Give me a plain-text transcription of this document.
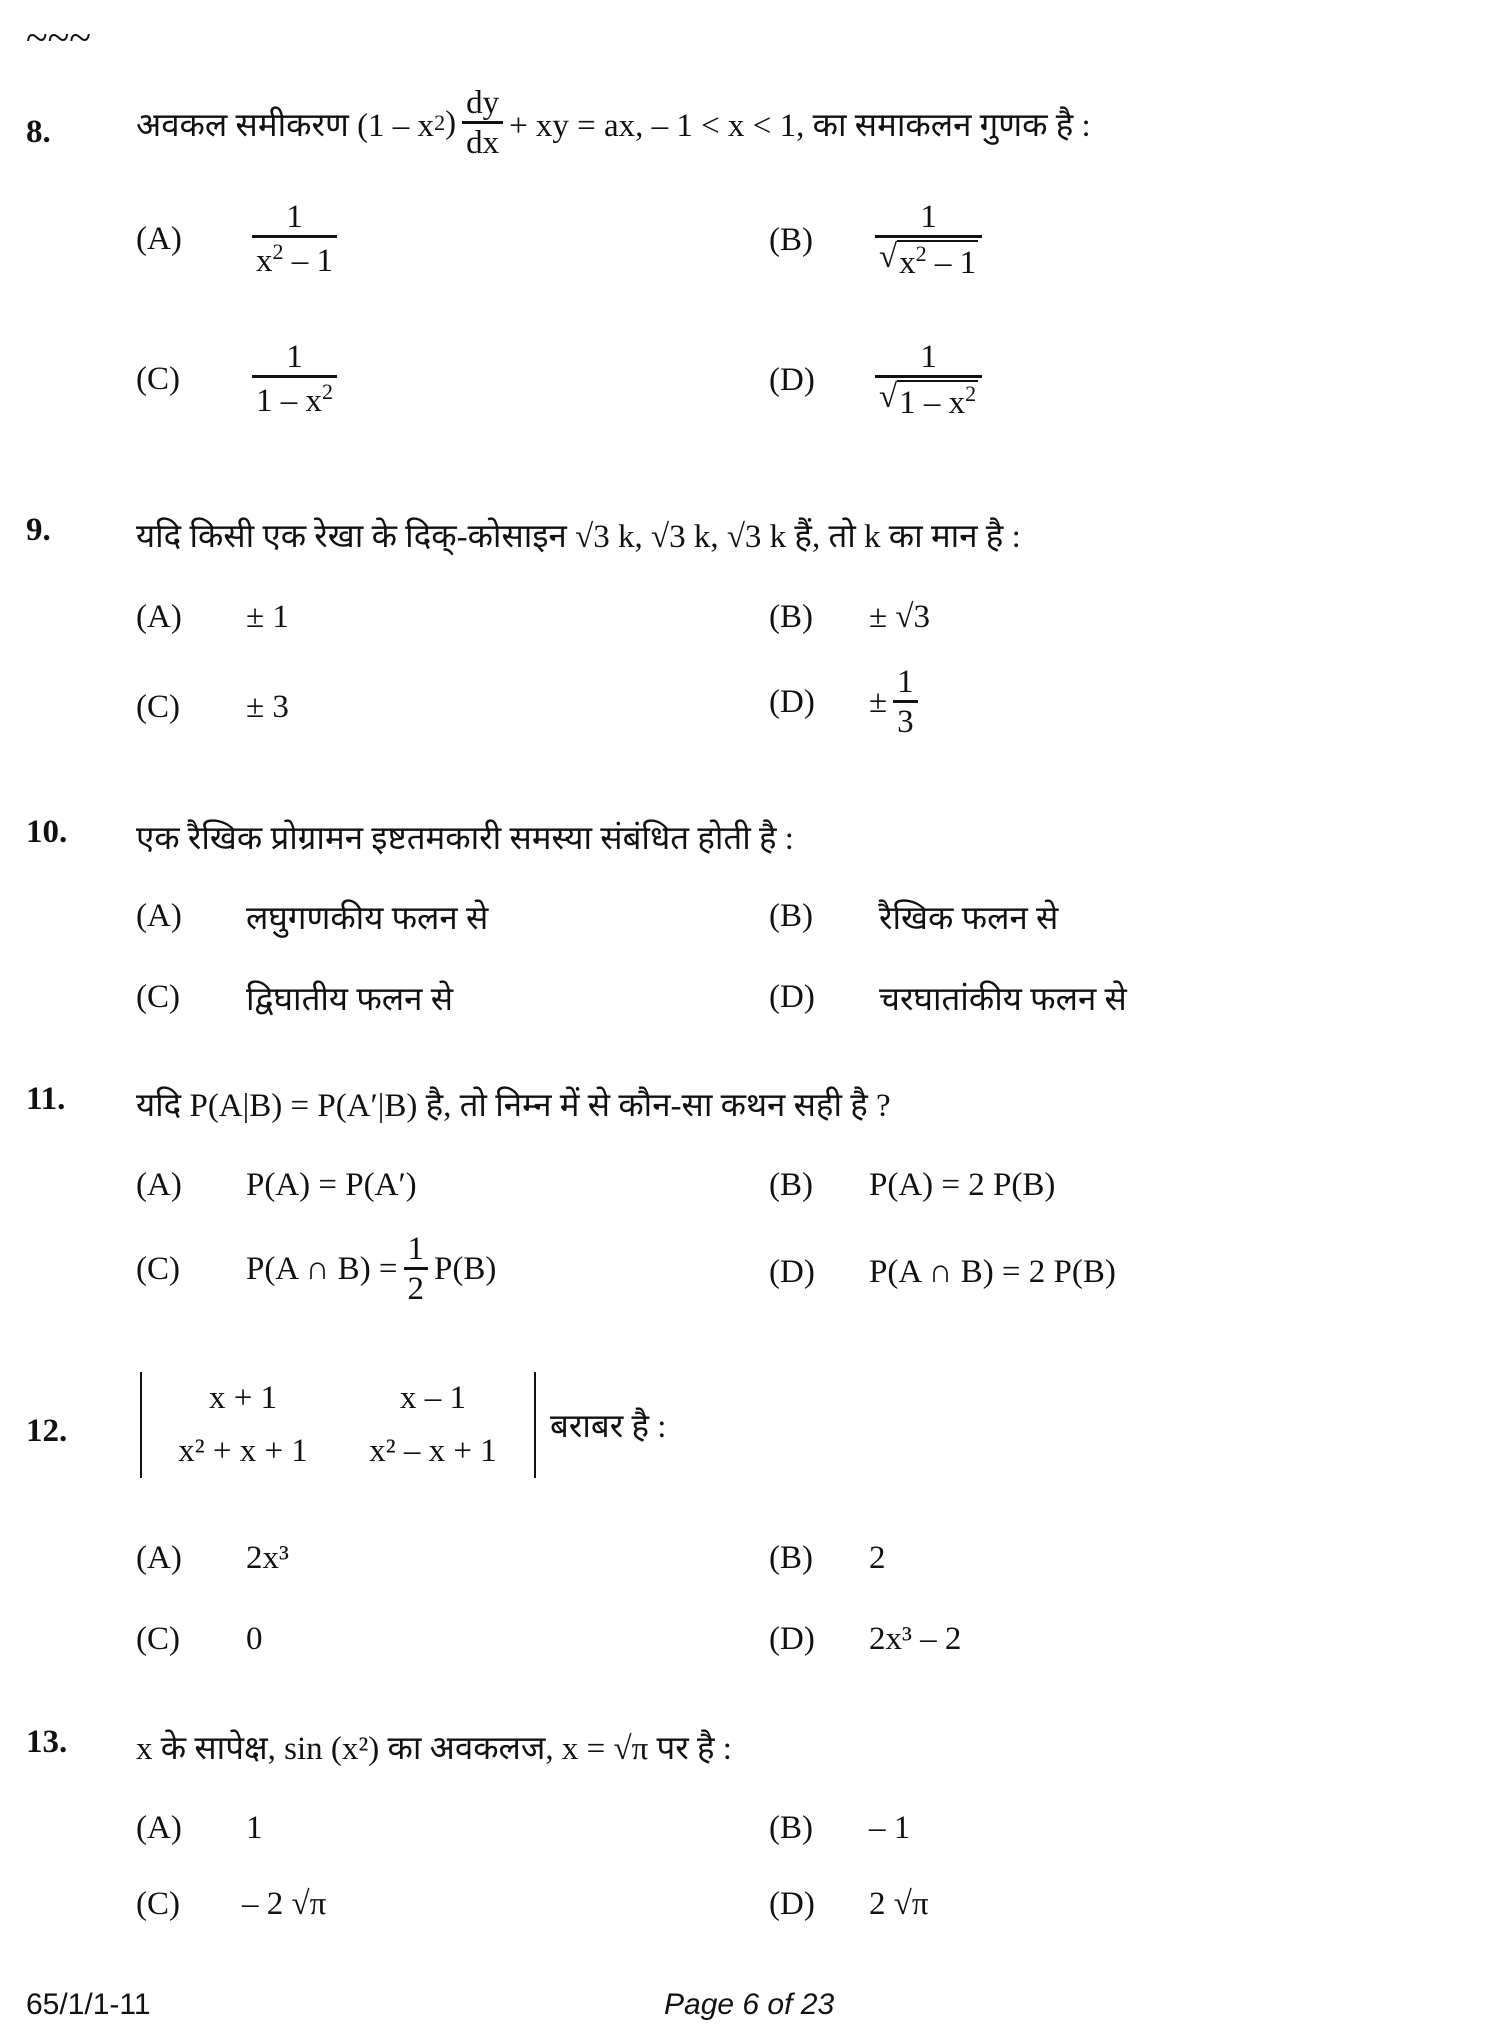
~~~
8.	अवकल समीकरण (1 – x 2 ) $\frac{dy}{dx}$ + xy = ax, – 1 < x < 1, का समाकलन गुणक है :
(A)	$\frac{1}{x^2 - 1}$	(B)	$\frac{1}{√ x^2 - 1}$
(C)	$\frac{1}{1 - x^2}$	(D)	$\frac{1}{√ 1 - x^2}$
9.	यदि किसी एक रेखा के दिक्-कोसाइन √3 k, √3 k, √3 k हैं, तो k का मान है :
(A)	± 1	(B)	± √3
(C)	± 3	(D)	± $\frac{1}{3}$
10. एक रैखिक प्रोग्रामन इष्टतमकारी समस्या संबंधित होती है :
(A)	लघुगणकीय फलन से	(B)	रैखिक फलन से
(C)	द्विघातीय फलन से	(D)	चरघातांकीय फलन से
11. यदि P(A|B) = P(A′|B) है, तो निम्न में से कौन-सा कथन सही है ?
(A)	P(A) = P(A′)	(B)	P(A) = 2 P(B)
(C)	P(A ∩ $B) = \frac{1}{2} P(B)$	(D)	P(A ∩ B) = 2 P(B)
12.
x + 1	x – 1
x² + x + 1	x² – x + 1
बराबर है :
(A)	2x³	(B)	2
(C)	0	(D)	2x³ – 2
13. x के सापेक्ष, sin (x²) का अवकलज, x = √π पर है :
(A)	1	(B)	– 1
(C)	– 2 √π	(D)	2 √π
65/1/1-11	Page 6 of 23
